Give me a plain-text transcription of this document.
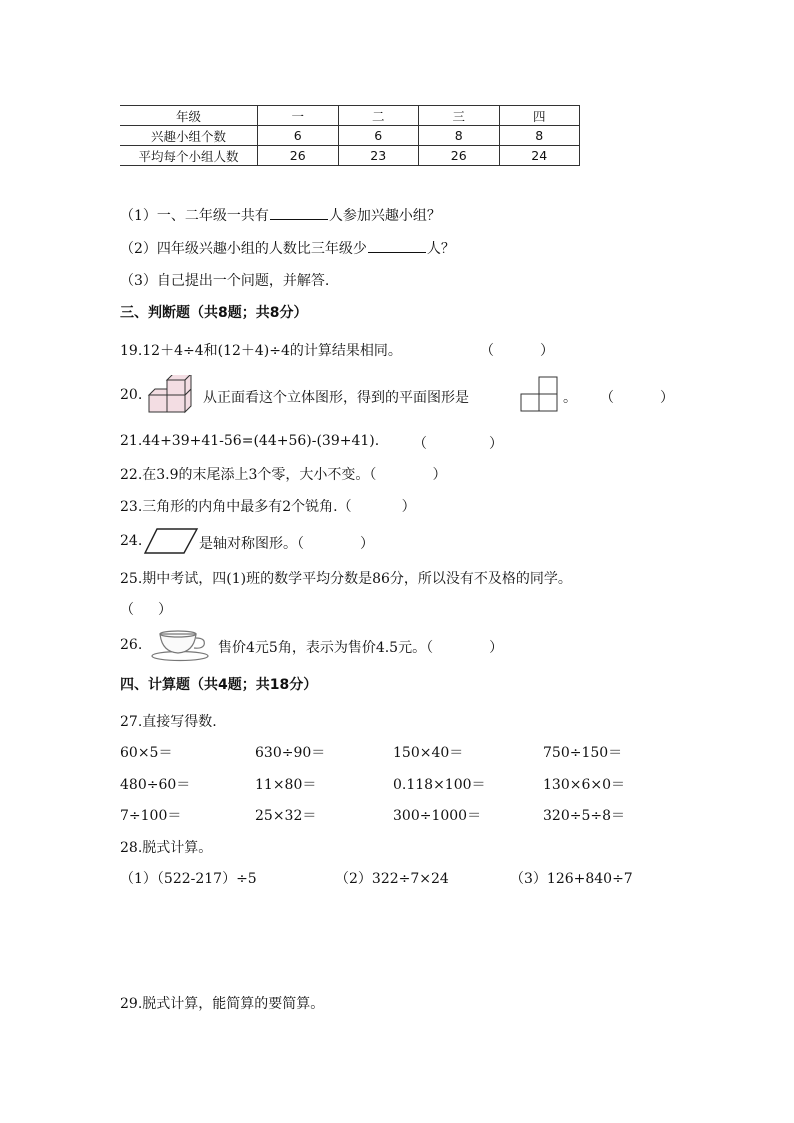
年级	一	二	三	四
兴趣小组个数	6	6	8	8
平均每个小组人数	26	23	26	24
（1）一、二年级一共有	人参加兴趣小组？
（2）四年级兴趣小组的人数比三年级少	人？
（3）自己提出一个问题，并解答.
三、判断题（共8题；共8分）
19.12＋4÷4和(12＋4)÷4的计算结果相同。	（	）
20.	从正面看这个立体图形，得到的平面图形是	。 （	）
21.44+39+41-56=(44+56)-(39+41). （	）
22.在3.9的末尾添上3个零，大小不变。（	）
23.三角形的内角中最多有2个锐角.（	）
24.	是轴对称图形。（	）
25.期中考试，四(1)班的数学平均分数是86分，所以没有不及格的同学。
（ ）
26.	售价4元5角，表示为售价4.5元。（	）
四、计算题（共4题；共18分）
27.直接写得数.
60×5＝	630÷90＝	150×40＝	750÷150＝
480÷60＝	11×80＝	0.118×100＝	130×6×0＝
7÷100＝	25×32＝	300÷1000＝	320÷5÷8＝
28.脱式计算。
（1）（522-217）÷5	（2）322÷7×24	（3）126+840÷7
29.脱式计算，能简算的要简算。
